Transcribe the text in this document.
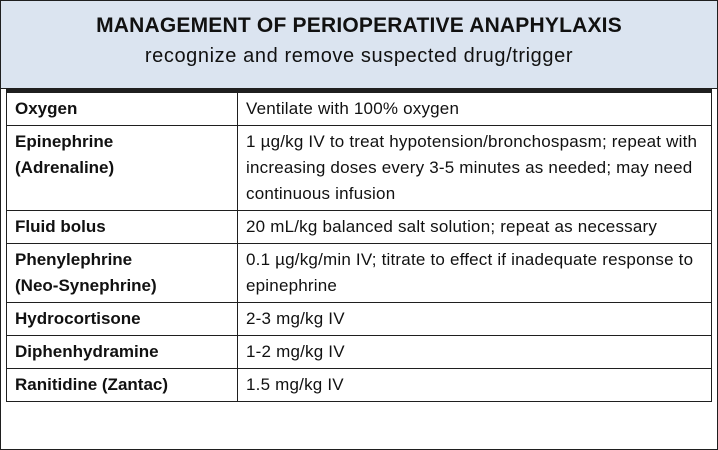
MANAGEMENT OF PERIOPERATIVE ANAPHYLAXIS
recognize and remove suspected drug/trigger
Oxygen	Ventilate with 100% oxygen
Epinephrine
(Adrenaline)	1 µg/kg IV to treat hypotension/bronchospasm; repeat with increasing doses every 3-5 minutes as needed; may need continuous infusion
Fluid bolus	20 mL/kg balanced salt solution; repeat as necessary
Phenylephrine
(Neo-Synephrine)	0.1 µg/kg/min IV; titrate to effect if inadequate response to epinephrine
Hydrocortisone	2-3 mg/kg IV
Diphenhydramine	1-2 mg/kg IV
Ranitidine (Zantac)	1.5 mg/kg IV
